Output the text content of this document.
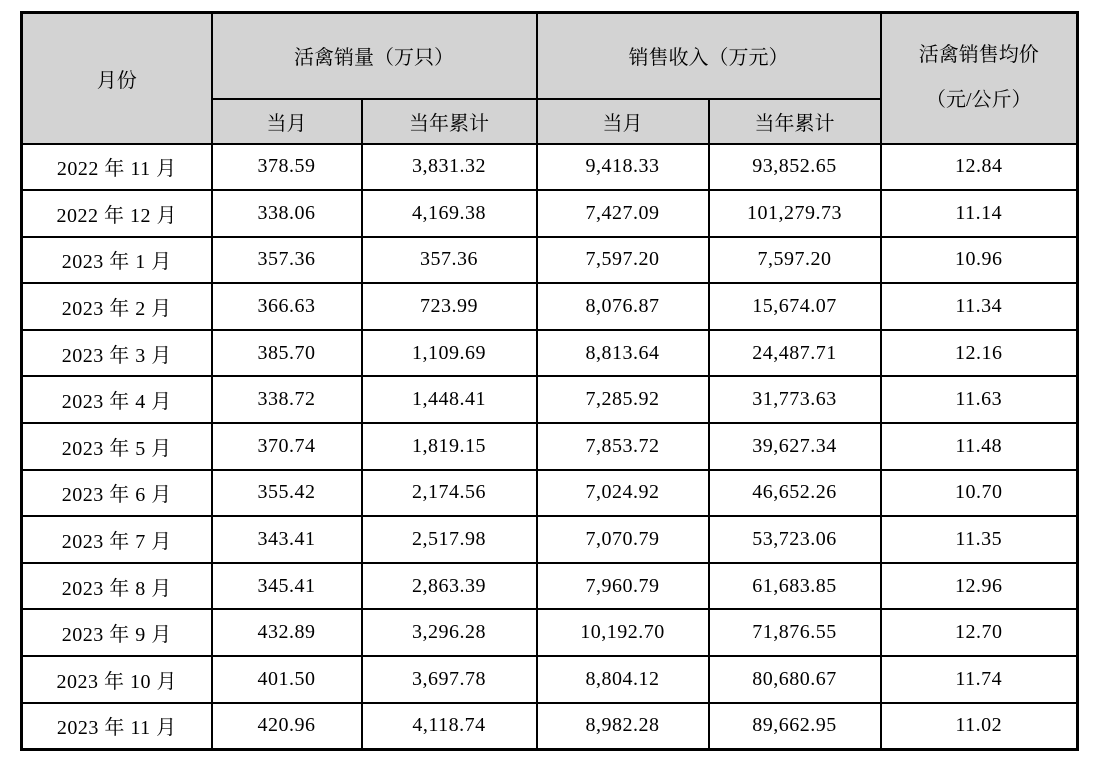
月份	活禽销量（万只）		销售收入（万元）		活禽销售均价
（元/公斤）

	当月	当年累计	当月	当年累计	
2022 年 11 月	378.59	3,831.32	9,418.33	93,852.65	12.84
2022 年 12 月	338.06	4,169.38	7,427.09	101,279.73	11.14
2023 年 1 月	357.36	357.36	7,597.20	7,597.20	10.96
2023 年 2 月	366.63	723.99	8,076.87	15,674.07	11.34
2023 年 3 月	385.70	1,109.69	8,813.64	24,487.71	12.16
2023 年 4 月	338.72	1,448.41	7,285.92	31,773.63	11.63
2023 年 5 月	370.74	1,819.15	7,853.72	39,627.34	11.48
2023 年 6 月	355.42	2,174.56	7,024.92	46,652.26	10.70
2023 年 7 月	343.41	2,517.98	7,070.79	53,723.06	11.35
2023 年 8 月	345.41	2,863.39	7,960.79	61,683.85	12.96
2023 年 9 月	432.89	3,296.28	10,192.70	71,876.55	12.70
2023 年 10 月	401.50	3,697.78	8,804.12	80,680.67	11.74
2023 年 11 月	420.96	4,118.74	8,982.28	89,662.95	11.02
